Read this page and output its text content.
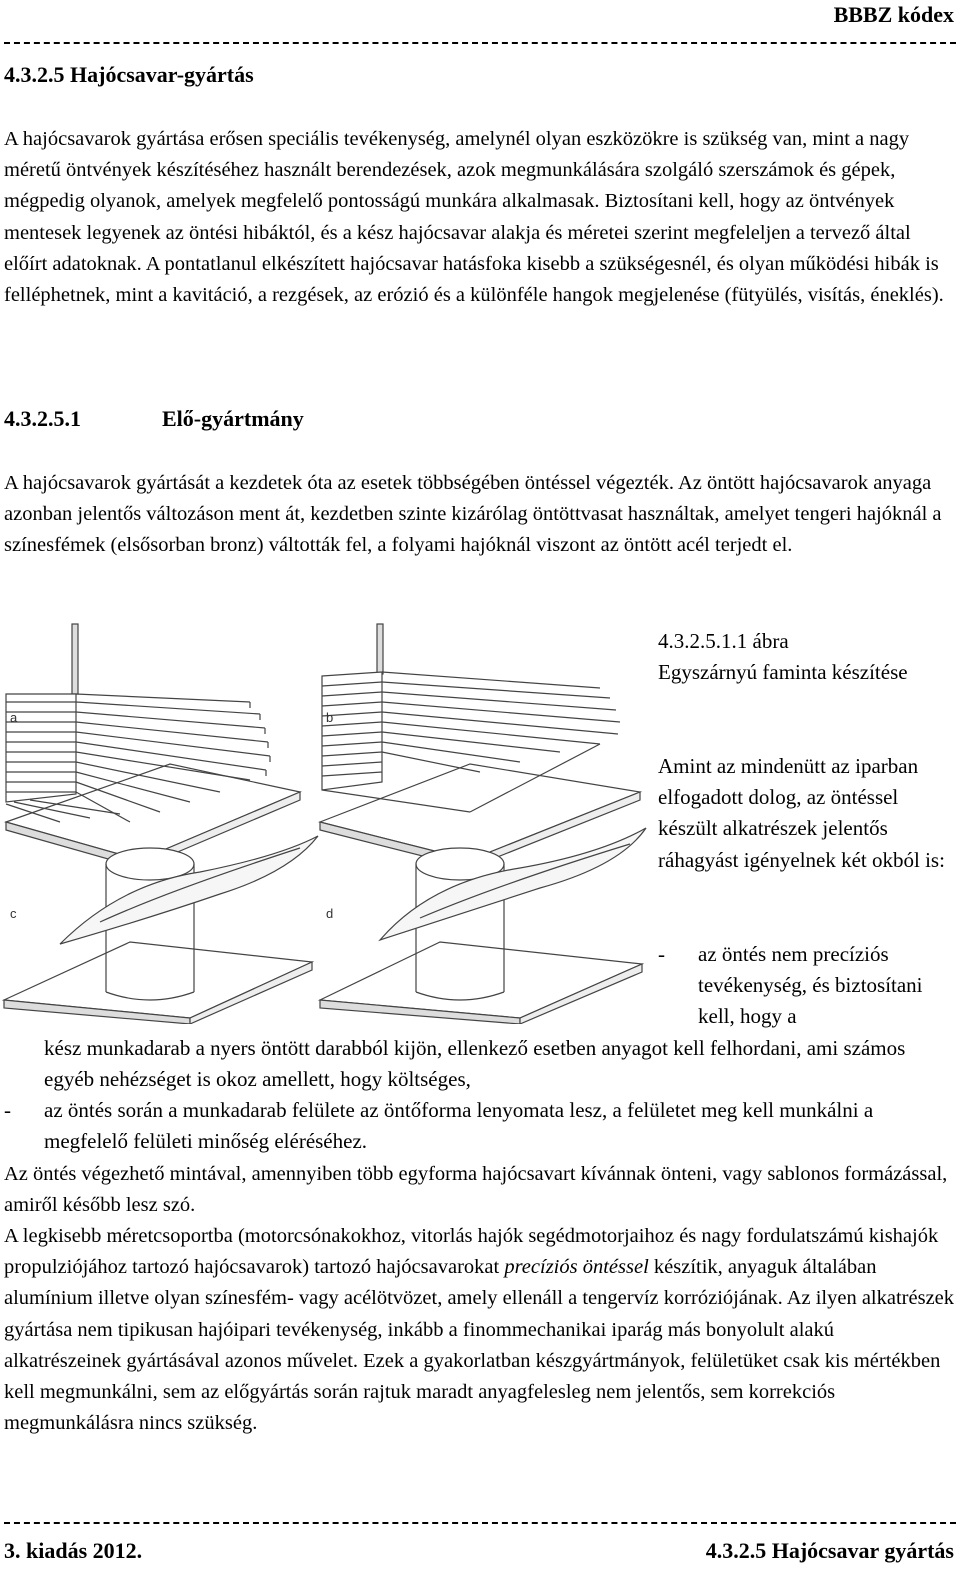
BBBZ kódex
4.3.2.5 Hajócsavar-gyártás

A hajócsavarok gyártása erősen speciális tevékenység, amelynél olyan eszközökre is szükség van, mint a nagy méretű öntvények készítéséhez használt berendezések, azok megmunkálására szolgáló szerszámok és gépek, mégpedig olyanok, amelyek megfelelő pontosságú munkára alkalmasak. Biztosítani kell, hogy az öntvények mentesek legyenek az öntési hibáktól, és a kész hajócsavar alakja és méretei szerint megfeleljen a tervező által előírt adatoknak. A pontatlanul elkészített hajócsavar hatásfoka kisebb a szükségesnél, és olyan működési hibák is felléphetnek, mint a kavitáció, a rezgések, az erózió és a különféle hangok megjelenése (fütyülés, visítás, éneklés).

4.3.2.5.1	Elő-gyártmány

A hajócsavarok gyártását a kezdetek óta az esetek többségében öntéssel végezték. Az öntött hajócsavarok anyaga azonban jelentős változáson ment át, kezdetben szinte kizárólag öntöttvasat használtak, amelyet tengeri hajóknál a színesfémek (elsősorban bronz) váltották fel, a folyami hajóknál viszont az öntött acél terjedt el.

a	b
c	d
4.3.2.5.1.1 ábra
Egyszárnyú faminta készítése
Amint az mindenütt az iparban elfogadott dolog, az öntéssel készült alkatrészek jelentős ráhagyást igényelnek két okból is:
- az öntés nem precíziós tevékenység, és biztosítani kell, hogy a
kész munkadarab a nyers öntött darabból kijön, ellenkező esetben anyagot kell felhordani, ami számos egyéb nehézséget is okoz amellett, hogy költséges,
- az öntés során a munkadarab felülete az öntőforma lenyomata lesz, a felületet meg kell munkálni a megfelelő felületi minőség eléréséhez.

Az öntés végezhető mintával, amennyiben több egyforma hajócsavart kívánnak önteni, vagy sablonos formázással, amiről később lesz szó.

A legkisebb méretcsoportba (motorcsónakokhoz, vitorlás hajók segédmotorjaihoz és nagy fordulatszámú kishajók propulziójához tartozó hajócsavarok) tartozó hajócsavarokat precíziós öntéssel készítik, anyaguk általában alumínium illetve olyan színesfém- vagy acélötvözet, amely ellenáll a tengervíz korróziójának. Az ilyen alkatrészek gyártása nem tipikusan hajóipari tevékenység, inkább a finommechanikai iparág más bonyolult alakú alkatrészeinek gyártásával azonos művelet. Ezek a gyakorlatban készgyártmányok, felületüket csak kis mértékben kell megmunkálni, sem az előgyártás során rajtuk maradt anyagfelesleg nem jelentős, sem korrekciós megmunkálásra nincs szükség.

3. kiadás 2012.	4.3.2.5 Hajócsavar gyártás
